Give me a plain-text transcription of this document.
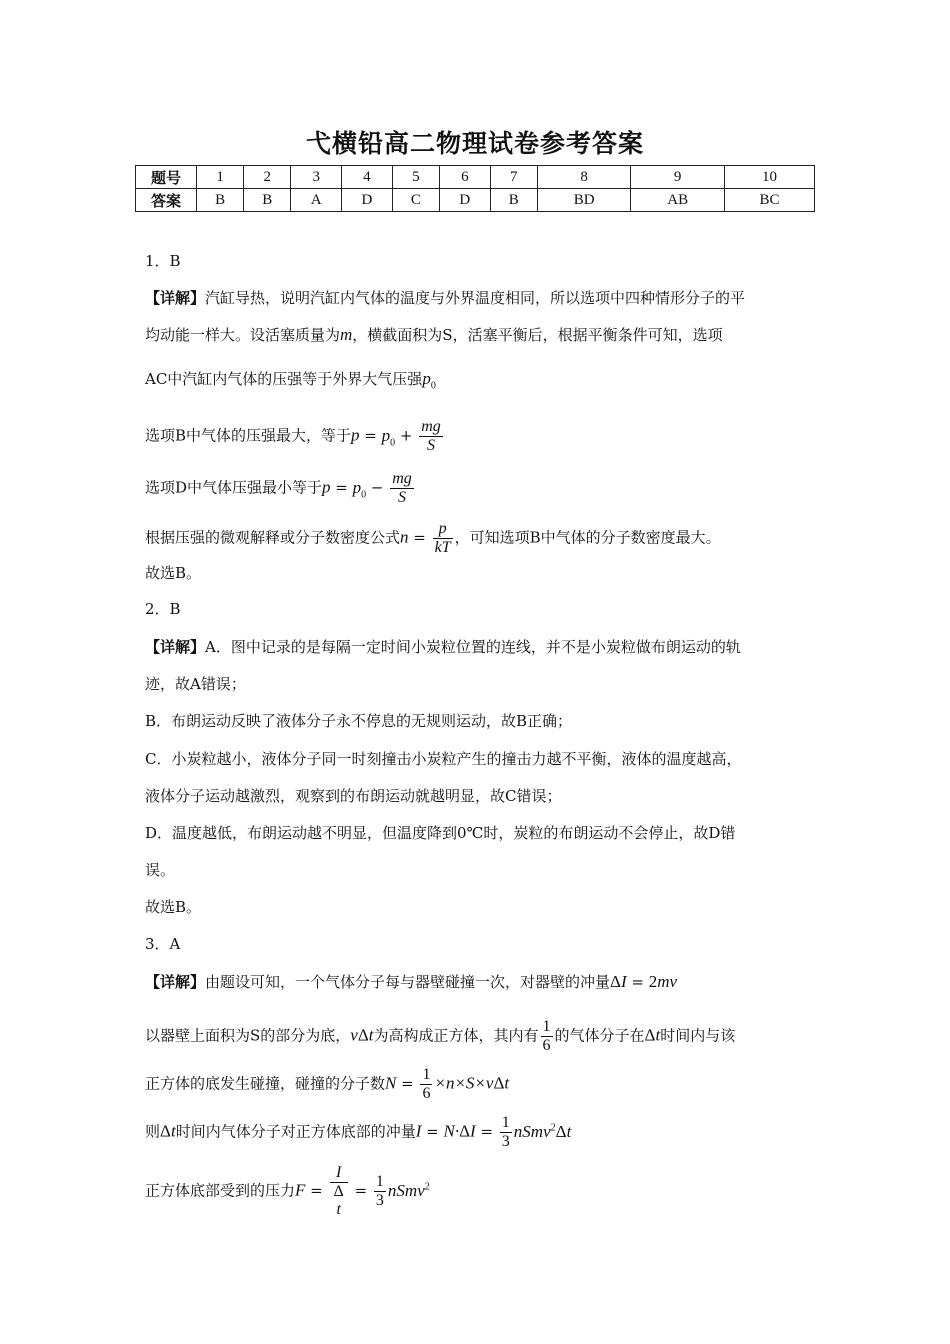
弋横铅高二物理试卷参考答案
题号	1	2	3	4	5	6	7	8	9	10
答案	B	B	A	D	C	D	B	BD	AB	BC
1．B
【详解】汽缸导热，说明汽缸内气体的温度与外界温度相同，所以选项中四种情形分子的平
均动能一样大。设活塞质量为m，横截面积为S，活塞平衡后，根据平衡条件可知，选项
AC中汽缸内气体的压强等于外界大气压强$p_0$
选项B中气体的压强最大，等于$p = p_0 + \frac{mg}{S}$
选项D中气体压强最小等于$p = p_0 - \frac{mg}{S}$
根据压强的微观解释或分子数密度公式$n = \frac{p}{kT}$ ，可知选项B中气体的分子数密度最大。
故选B。
2．B
【详解】A．图中记录的是每隔一定时间小炭粒位置的连线，并不是小炭粒做布朗运动的轨
迹，故A错误；
B．布朗运动反映了液体分子永不停息的无规则运动，故B正确；
C．小炭粒越小，液体分子同一时刻撞击小炭粒产生的撞击力越不平衡，液体的温度越高，
液体分子运动越激烈，观察到的布朗运动就越明显，故C错误；
D．温度越低，布朗运动越不明显，但温度降到0℃时，炭粒的布朗运动不会停止，故D错
误。
故选B。
3．A
【详解】由题设可知，一个气体分子每与器壁碰撞一次，对器壁的冲量ΔI = 2mv
以器壁上面积为S的部分为底，vΔt为高构成正方体，其内有 $\frac{1}{6}$ 的气体分子在Δt时间内与该
正方体的底发生碰撞，碰撞的分子数$N = \frac{1}{6} \times n\times S\times v\Delta t$
则Δt时间内气体分子对正方体底部的冲量$I = N\cdot\Delta I = \frac{1}{3}$ nSmv$^2$Δt
正方体底部受到的压力F = I
Δ
$t = \frac{1}{3}$ nSmv$^2$
